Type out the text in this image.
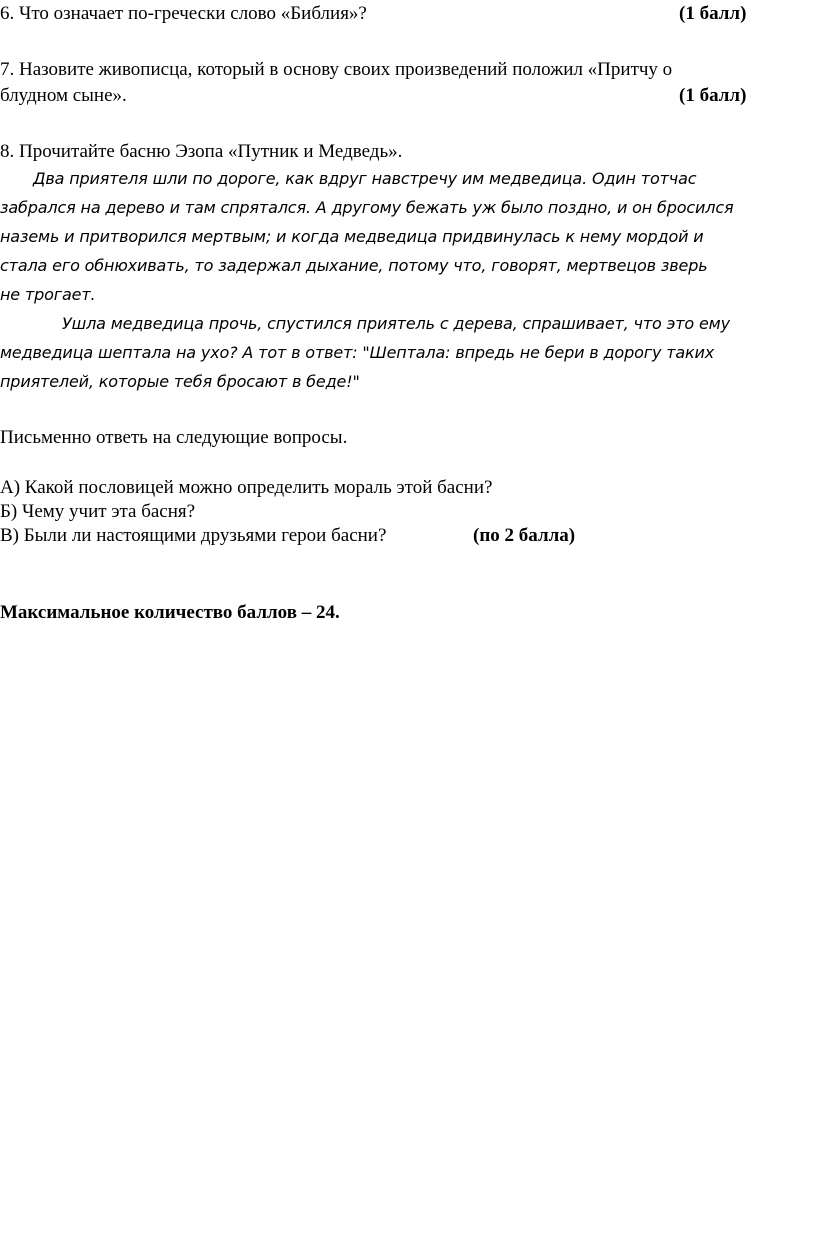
6. Что означает по-гречески слово «Библия»?	(1 балл)
7. Назовите живописца, который в основу своих произведений положил «Притчу о
блудном сыне».	(1 балл)
8. Прочитайте басню Эзопа «Путник и Медведь».
Два приятеля шли по дороге, как вдруг навстречу им медведица. Один тотчас
забрался на дерево и там спрятался. А другому бежать уж было поздно, и он бросился
наземь и притворился мертвым; и когда медведица придвинулась к нему мордой и
стала его обнюхивать, то задержал дыхание, потому что, говорят, мертвецов зверь
не трогает.
Ушла медведица прочь, спустился приятель с дерева, спрашивает, что это ему
медведица шептала на ухо? А тот в ответ: "Шептала: впредь не бери в дорогу таких
приятелей, которые тебя бросают в беде!"
Письменно ответь на следующие вопросы.
А) Какой пословицей можно определить мораль этой басни?
Б) Чему учит эта басня?
В) Были ли настоящими друзьями герои басни?	(по 2 балла)
Максимальное количество баллов – 24.
